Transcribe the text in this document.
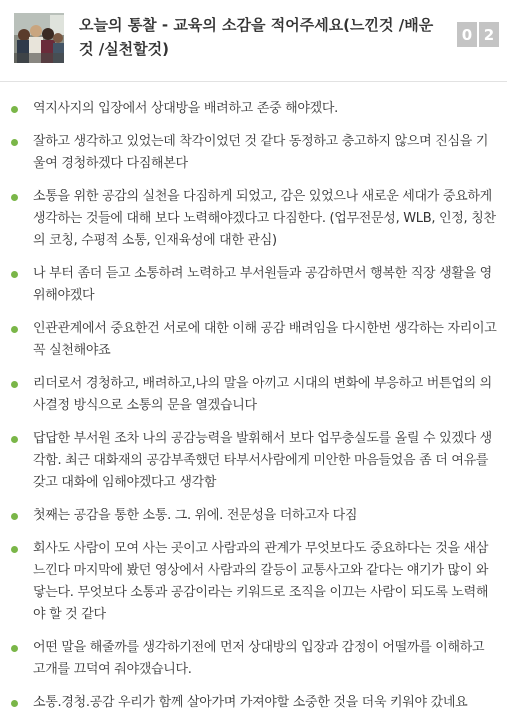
오늘의 통찰 - 교육의 소감을 적어주세요(느낀것 /배운것 /실천할것)
0 2
역지사지의 입장에서 상대방을 배려하고 존중 해야겠다.
잘하고 생각하고 있었는데 착각이었던 것 같다 동정하고 충고하지 않으며 진심을 기울여 경청하겠다 다짐해본다
소통을 위한 공감의 실천을 다짐하게 되었고, 감은 있었으나 새로운 세대가 중요하게 생각하는 것들에 대해 보다 노력해야겠다고 다짐한다. (업무전문성, WLB, 인정, 칭찬의 코칭, 수평적 소통, 인재육성에 대한 관심)
나 부터 좀더 듣고 소통하려 노력하고 부서원들과 공감하면서 행복한 직장 생활을 영위해야겠다
인관관계에서 중요한건 서로에 대한 이해 공감 배려임을 다시한번 생각하는 자리이고 꼭 실천해야죠
리더로서 경청하고, 배려하고,나의 말을 아끼고 시대의 변화에 부응하고 버튼업의 의사결정 방식으로 소통의 문을 열겠습니다
답답한 부서원 조차 나의 공감능력을 발휘해서 보다 업무충실도를 올릴 수 있겠다 생각함. 최근 대화재의 공감부족했던 타부서사람에게 미안한 마음들었음 좀 더 여유를갖고 대화에 임해야겠다고 생각함
첫째는 공감을 통한 소통. 그. 위에. 전문성을 더하고자 다짐
회사도 사람이 모여 사는 곳이고 사람과의 관계가 무엇보다도 중요하다는 것을 새삼 느낀다 마지막에 봤던 영상에서 사람과의 갈등이 교통사고와 같다는 얘기가 많이 와닿는다. 무엇보다 소통과 공감이라는 키워드로 조직을 이끄는 사람이 되도록 노력해야 할 것 같다
어떤 말을 해줄까를 생각하기전에 먼저 상대방의 입장과 감정이 어떨까를 이해하고 고개를 끄덕여 줘야갰습니다.
소통.경청.공감 우리가 함께 살아가며 가져야할 소중한 것을 더욱 키워야 갔네요
